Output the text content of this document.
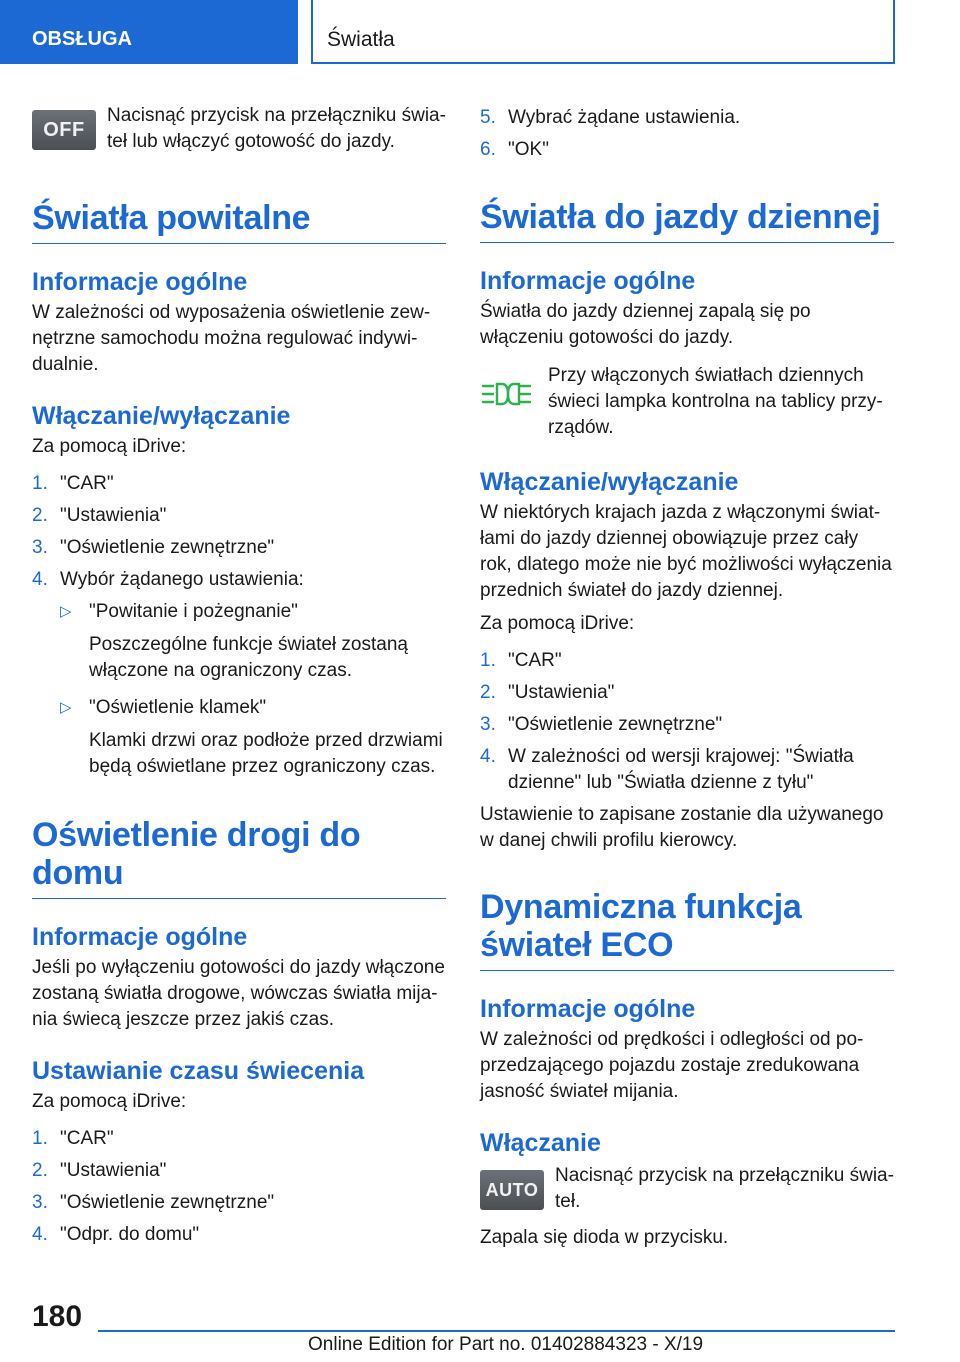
OBSŁUGA	Światła
OFF
Nacisnąć przycisk na przełączniku świateł lub włączyć gotowość do jazdy.
Światła powitalne
Informacje ogólne
W zależności od wyposażenia oświetlenie zewnętrzne samochodu można regulować indywidualnie.
Włączanie/wyłączanie
Za pomocą iDrive:
1. "CAR"
2. "Ustawienia"
3. "Oświetlenie zewnętrzne"
4. Wybór żądanego ustawienia:
▷ "Powitanie i pożegnanie"
Poszczególne funkcje świateł zostaną włączone na ograniczony czas.
▷ "Oświetlenie klamek"
Klamki drzwi oraz podłoże przed drzwiami będą oświetlane przez ograniczony czas.
Oświetlenie drogi do domu
Informacje ogólne
Jeśli po wyłączeniu gotowości do jazdy włączone zostaną światła drogowe, wówczas światła mijania świecą jeszcze przez jakiś czas.
Ustawianie czasu świecenia
Za pomocą iDrive:
1. "CAR"
2. "Ustawienia"
3. "Oświetlenie zewnętrzne"
4. "Odpr. do domu"
5. Wybrać żądane ustawienia.
6. "OK"
Światła do jazdy dziennej
Informacje ogólne
Światła do jazdy dziennej zapalą się po włączeniu gotowości do jazdy.
Przy włączonych światłach dziennych świeci lampka kontrolna na tablicy przyrządów.
Włączanie/wyłączanie
W niektórych krajach jazda z włączonymi światłami do jazdy dziennej obowiązuje przez cały rok, dlatego może nie być możliwości wyłączenia przednich świateł do jazdy dziennej.
Za pomocą iDrive:
1. "CAR"
2. "Ustawienia"
3. "Oświetlenie zewnętrzne"
4. W zależności od wersji krajowej: "Światła dzienne" lub "Światła dzienne z tyłu"
Ustawienie to zapisane zostanie dla używanego w danej chwili profilu kierowcy.
Dynamiczna funkcja świateł ECO
Informacje ogólne
W zależności od prędkości i odległości od poprzedzającego pojazdu zostaje zredukowana jasność świateł mijania.
Włączanie
AUTO
Nacisnąć przycisk na przełączniku świateł.
Zapala się dioda w przycisku.
180
Online Edition for Part no. 01402884323 - X/19
